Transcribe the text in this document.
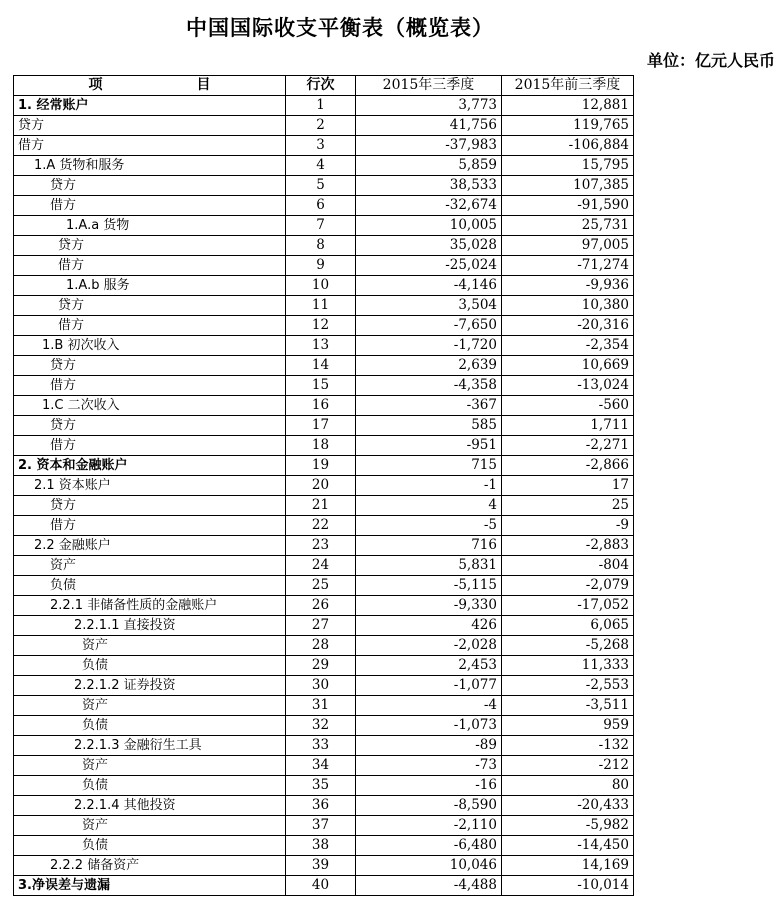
中国国际收支平衡表（概览表）
单位：亿元人民币
项　目	行次	2015年三季度	2015年前三季度
1. 经常账户	1	3,773	12,881
贷方	2	41,756	119,765
借方	3	-37,983	-106,884
1.A 货物和服务	4	5,859	15,795
贷方	5	38,533	107,385
借方	6	-32,674	-91,590
1.A.a 货物	7	10,005	25,731
贷方	8	35,028	97,005
借方	9	-25,024	-71,274
1.A.b 服务	10	-4,146	-9,936
贷方	11	3,504	10,380
借方	12	-7,650	-20,316
1.B 初次收入	13	-1,720	-2,354
贷方	14	2,639	10,669
借方	15	-4,358	-13,024
1.C 二次收入	16	-367	-560
贷方	17	585	1,711
借方	18	-951	-2,271
2. 资本和金融账户	19	715	-2,866
2.1 资本账户	20	-1	17
贷方	21	4	25
借方	22	-5	-9
2.2 金融账户	23	716	-2,883
资产	24	5,831	-804
负债	25	-5,115	-2,079
2.2.1 非储备性质的金融账户	26	-9,330	-17,052
2.2.1.1 直接投资	27	426	6,065
资产	28	-2,028	-5,268
负债	29	2,453	11,333
2.2.1.2 证券投资	30	-1,077	-2,553
资产	31	-4	-3,511
负债	32	-1,073	959
2.2.1.3 金融衍生工具	33	-89	-132
资产	34	-73	-212
负债	35	-16	80
2.2.1.4 其他投资	36	-8,590	-20,433
资产	37	-2,110	-5,982
负债	38	-6,480	-14,450
2.2.2 储备资产	39	10,046	14,169
3.净误差与遗漏	40	-4,488	-10,014
